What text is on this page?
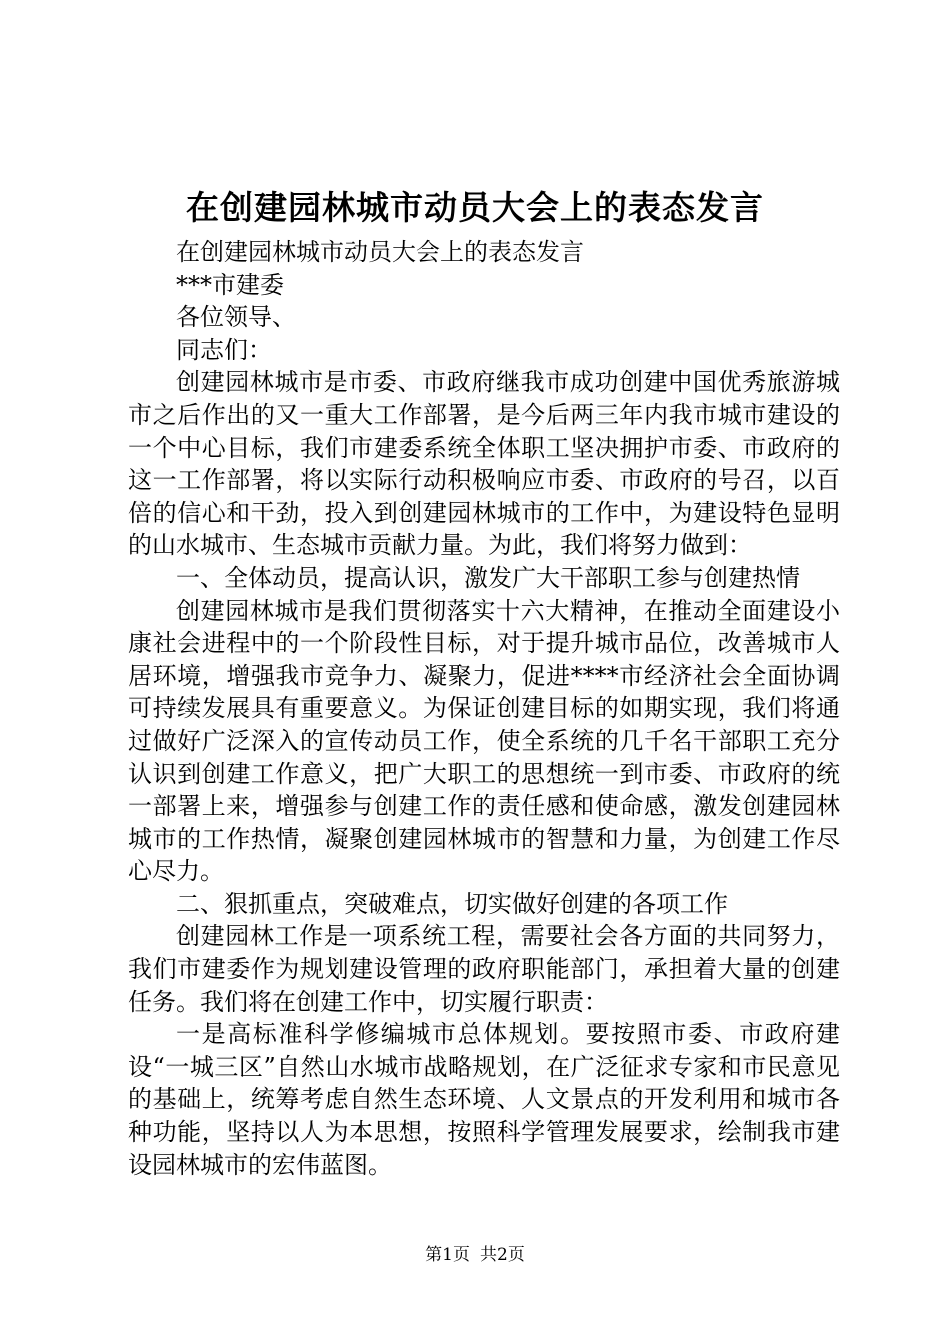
在创建园林城市动员大会上的表态发言

在创建园林城市动员大会上的表态发言

***市建委

各位领导、

同志们：

创建园林城市是市委、市政府继我市成功创建中国优秀旅游城市之后作出的又一重大工作部署，是今后两三年内我市城市建设的一个中心目标，我们市建委系统全体职工坚决拥护市委、市政府的这一工作部署，将以实际行动积极响应市委、市政府的号召，以百倍的信心和干劲，投入到创建园林城市的工作中，为建设特色显明的山水城市、生态城市贡献力量。为此，我们将努力做到：

一、全体动员，提高认识，激发广大干部职工参与创建热情

创建园林城市是我们贯彻落实十六大精神，在推动全面建设小康社会进程中的一个阶段性目标，对于提升城市品位，改善城市人居环境，增强我市竞争力、凝聚力，促进****市经济社会全面协调可持续发展具有重要意义。为保证创建目标的如期实现，我们将通过做好广泛深入的宣传动员工作，使全系统的几千名干部职工充分认识到创建工作意义，把广大职工的思想统一到市委、市政府的统一部署上来，增强参与创建工作的责任感和使命感，激发创建园林城市的工作热情，凝聚创建园林城市的智慧和力量，为创建工作尽心尽力。

二、狠抓重点，突破难点，切实做好创建的各项工作

创建园林工作是一项系统工程，需要社会各方面的共同努力，我们市建委作为规划建设管理的政府职能部门，承担着大量的创建任务。我们将在创建工作中，切实履行职责：

一是高标准科学修编城市总体规划。要按照市委、市政府建设“一城三区”自然山水城市战略规划，在广泛征求专家和市民意见的基础上，统筹考虑自然生态环境、人文景点的开发利用和城市各种功能，坚持以人为本思想，按照科学管理发展要求，绘制我市建设园林城市的宏伟蓝图。

第1页 共2页
